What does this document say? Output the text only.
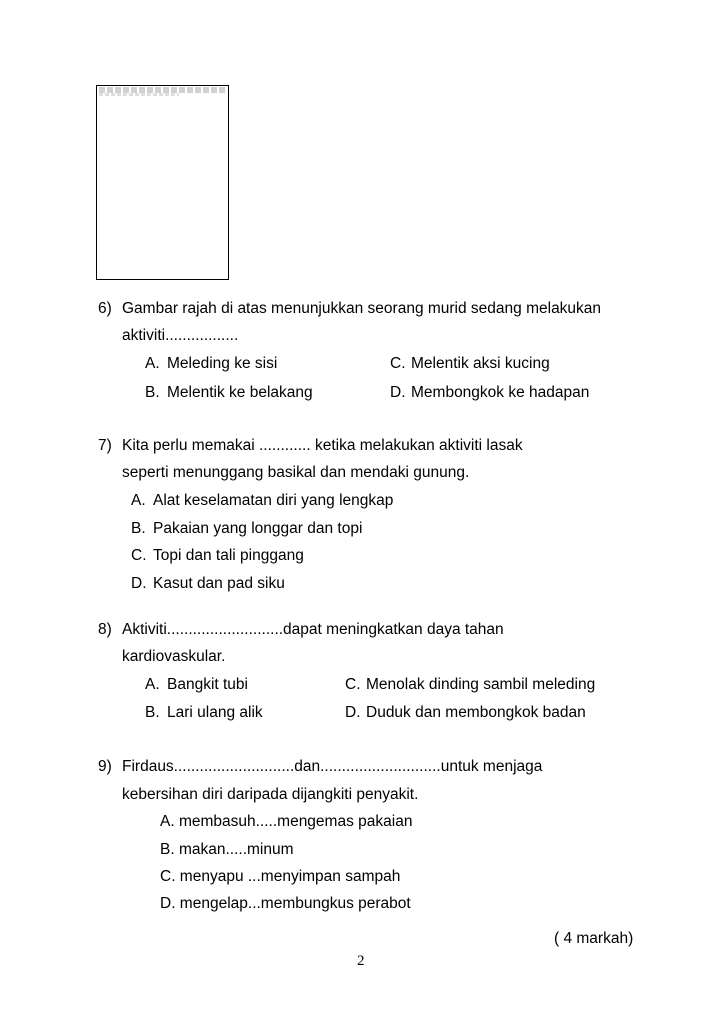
6) Gambar rajah di atas menunjukkan seorang murid sedang melakukan
aktiviti.................
A. Meleding ke sisi	C. Melentik aksi kucing
B. Melentik ke belakang	D. Membongkok ke hadapan
7) Kita perlu memakai ............ ketika melakukan aktiviti lasak
seperti menunggang basikal dan mendaki gunung.
A. Alat keselamatan diri yang lengkap
B. Pakaian yang longgar dan topi
C. Topi dan tali pinggang
D. Kasut dan pad siku
8) Aktiviti...........................dapat meningkatkan daya tahan
kardiovaskular.
A. Bangkit tubi	C. Menolak dinding sambil meleding
B. Lari ulang alik	D. Duduk dan membongkok badan
9) Firdaus............................dan............................untuk menjaga
kebersihan diri daripada dijangkiti penyakit.
A. membasuh.....mengemas pakaian
B. makan.....minum
C. menyapu ...menyimpan sampah
D. mengelap...membungkus perabot
( 4 markah)
2
